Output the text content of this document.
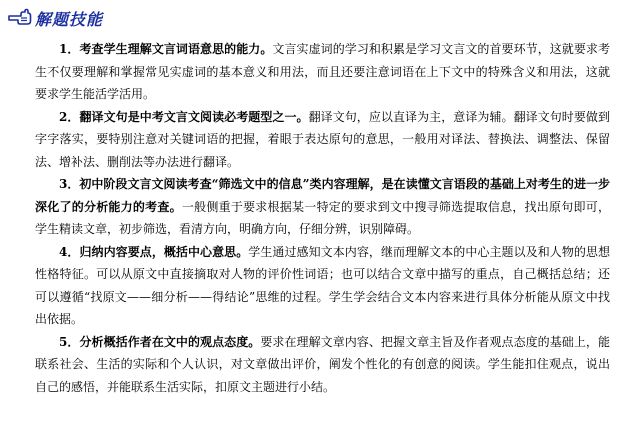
解题技能

1．考查学生理解文言词语意思的能力。文言实虚词的学习和积累是学习文言文的首要环节，这就要求考生不仅要理解和掌握常见实虚词的基本意义和用法，而且还要注意词语在上下文中的特殊含义和用法，这就要求学生能活学活用。

2．翻译文句是中考文言文阅读必考题型之一。翻译文句，应以直译为主，意译为辅。翻译文句时要做到字字落实，要特别注意对关键词语的把握，着眼于表达原句的意思，一般用对译法、替换法、调整法、保留法、增补法、删削法等办法进行翻译。

3．初中阶段文言文阅读考查“筛选文中的信息”类内容理解，是在读懂文言语段的基础上对考生的进一步深化了的分析能力的考查。一般侧重于要求根据某一特定的要求到文中搜寻筛选提取信息，找出原句即可，学生精读文章，初步筛选，看清方向，明确方向，仔细分辨，识别障碍。

4．归纳内容要点，概括中心意思。学生通过感知文本内容，继而理解文本的中心主题以及和人物的思想性格特征。可以从原文中直接摘取对人物的评价性词语；也可以结合文章中描写的重点，自己概括总结；还可以遵循“找原文——细分析——得结论”思维的过程。学生学会结合文本内容来进行具体分析能从原文中找出依据。

5．分析概括作者在文中的观点态度。要求在理解文章内容、把握文章主旨及作者观点态度的基础上，能联系社会、生活的实际和个人认识，对文章做出评价，阐发个性化的有创意的阅读。学生能扣住观点，说出自己的感悟，并能联系生活实际，扣原文主题进行小结。
